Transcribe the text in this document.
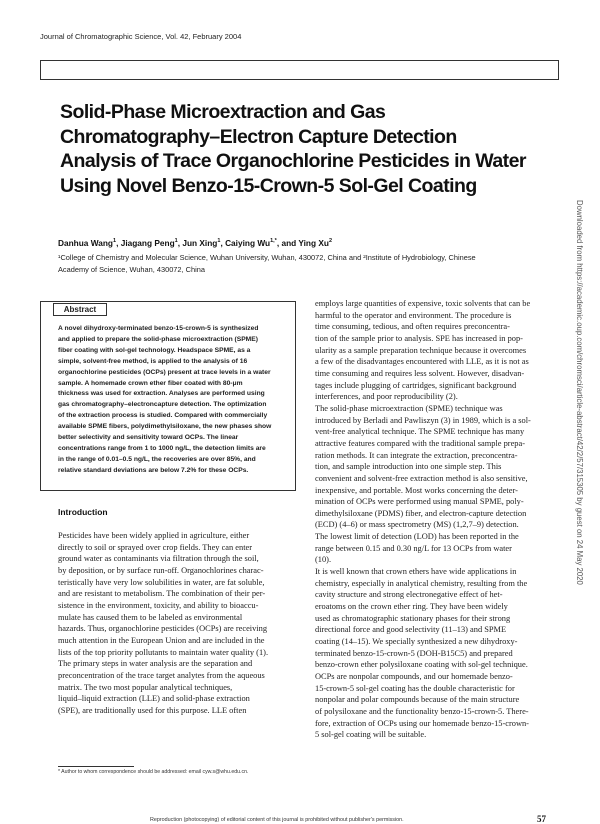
Journal of Chromatographic Science, Vol. 42, February 2004
Solid-Phase Microextraction and Gas
Chromatography–Electron Capture Detection
Analysis of Trace Organochlorine Pesticides in Water
Using Novel Benzo-15-Crown-5 Sol-Gel Coating
Danhua Wang$^1$, Jiagang Peng$^1$, Jun Xing$^1$, Caiying $Wu^{1,*}$, and Ying Xu$^2$
¹College of Chemistry and Molecular Science, Wuhan University, Wuhan, 430072, China and ²Institute of Hydrobiology, Chinese
Academy of Science, Wuhan, 430072, China
Abstract
A novel dihydroxy-terminated benzo-15-crown-5 is synthesized
and applied to prepare the solid-phase microextraction (SPME)
fiber coating with sol-gel technology. Headspace SPME, as a
simple, solvent-free method, is applied to the analysis of 16
organochlorine pesticides (OCPs) present at trace levels in a water
sample. A homemade crown ether fiber coated with 80-μm
thickness was used for extraction. Analyses are performed using
gas chromatography–electroncapture detection. The optimization
of the extraction process is studied. Compared with commercially
available SPME fibers, polydimethylsiloxane, the new phases show
better selectivity and sensitivity toward OCPs. The linear
concentrations range from 1 to 1000 ng/L, the detection limits are
in the range of 0.01–0.5 ng/L, the recoveries are over 85%, and
relative standard deviations are below 7.2% for these OCPs.
Introduction
Pesticides have been widely applied in agriculture, either
directly to soil or sprayed over crop fields. They can enter
ground water as contaminants via filtration through the soil,
by deposition, or by surface run-off. Organochlorines charac-
teristically have very low solubilities in water, are fat soluble,
and are resistant to metabolism. The combination of their per-
sistence in the environment, toxicity, and ability to bioaccu-
mulate has caused them to be labeled as environmental
hazards. Thus, organochlorine pesticides (OCPs) are receiving
much attention in the European Union and are included in the
lists of the top priority pollutants to maintain water quality (1).
The primary steps in water analysis are the separation and
preconcentration of the trace target analytes from the aqueous
matrix. The two most popular analytical techniques,
liquid–liquid extraction (LLE) and solid-phase extraction
(SPE), are traditionally used for this purpose. LLE often
employs large quantities of expensive, toxic solvents that can be
harmful to the operator and environment. The procedure is
time consuming, tedious, and often requires preconcentra-
tion of the sample prior to analysis. SPE has increased in pop-
ularity as a sample preparation technique because it overcomes
a few of the disadvantages encountered with LLE, as it is not as
time consuming and requires less solvent. However, disadvan-
tages include plugging of cartridges, significant background
interferences, and poor reproducibility (2).
The solid-phase microextraction (SPME) technique was
introduced by Berladi and Pawliszyn (3) in 1989, which is a sol-
vent-free analytical technique. The SPME technique has many
attractive features compared with the traditional sample prepa-
ration methods. It can integrate the extraction, preconcentra-
tion, and sample introduction into one simple step. This
convenient and solvent-free extraction method is also sensitive,
inexpensive, and portable. Most works concerning the deter-
mination of OCPs were performed using manual SPME, poly-
dimethylsiloxane (PDMS) fiber, and electron-capture detection
(ECD) (4–6) or mass spectrometry (MS) (1,2,7–9) detection.
The lowest limit of detection (LOD) has been reported in the
range between 0.15 and 0.30 ng/L for 13 OCPs from water
(10).
It is well known that crown ethers have wide applications in
chemistry, especially in analytical chemistry, resulting from the
cavity structure and strong electronegative effect of het-
eroatoms on the crown ether ring. They have been widely
used as chromatographic stationary phases for their strong
directional force and good selectivity (11–13) and SPME
coating (14–15). We specially synthesized a new dihydroxy-
terminated benzo-15-crown-5 (DOH-B15C5) and prepared
benzo-crown ether polysiloxane coating with sol-gel technique.
OCPs are nonpolar compounds, and our homemade benzo-
15-crown-5 sol-gel coating has the double characteristic for
nonpolar and polar compounds because of the main structure
of polysiloxane and the functionality benzo-15-crown-5. There-
fore, extraction of OCPs using our homemade benzo-15-crown-
5 sol-gel coating will be suitable.
* Author to whom correspondence should be addressed: email cyw.s@whu.edu.cn.
Reproduction (photocopying) of editorial content of this journal is prohibited without publisher's permission.	57
Downloaded from https://academic.oup.com/chromsci/article-abstract/42/2/57/315305 by guest on 24 May 2020
